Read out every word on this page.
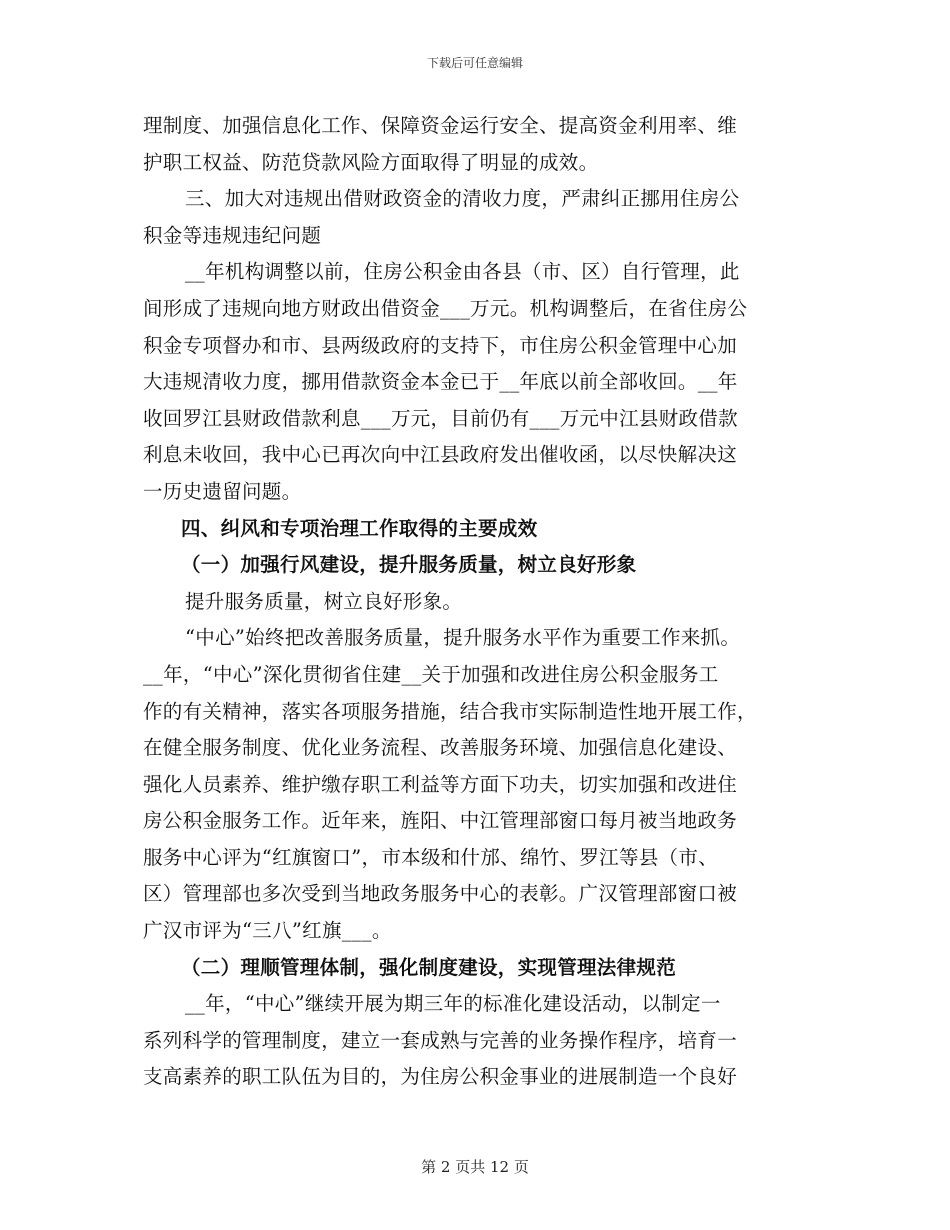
下载后可任意编辑
理制度、加强信息化工作、保障资金运行安全、提高资金利用率、维
护职工权益、防范贷款风险方面取得了明显的成效。
三、加大对违规出借财政资金的清收力度，严肃纠正挪用住房公
积金等违规违纪问题
__年机构调整以前，住房公积金由各县（市、区）自行管理，此
间形成了违规向地方财政出借资金___万元。机构调整后，在省住房公
积金专项督办和市、县两级政府的支持下，市住房公积金管理中心加
大违规清收力度，挪用借款资金本金已于__年底以前全部收回。__年
收回罗江县财政借款利息___万元，目前仍有___万元中江县财政借款
利息未收回，我中心已再次向中江县政府发出催收函，以尽快解决这
一历史遗留问题。
四、纠风和专项治理工作取得的主要成效
（一）加强行风建设，提升服务质量，树立良好形象
提升服务质量，树立良好形象。
“中心”始终把改善服务质量，提升服务水平作为重要工作来抓。
__年，“中心”深化贯彻省住建__关于加强和改进住房公积金服务工
作的有关精神，落实各项服务措施，结合我市实际制造性地开展工作，
在健全服务制度、优化业务流程、改善服务环境、加强信息化建设、
强化人员素养、维护缴存职工利益等方面下功夫，切实加强和改进住
房公积金服务工作。近年来，旌阳、中江管理部窗口每月被当地政务
服务中心评为“红旗窗口”，市本级和什邡、绵竹、罗江等县（市、
区）管理部也多次受到当地政务服务中心的表彰。广汉管理部窗口被
广汉市评为“三八”红旗___。
（二）理顺管理体制，强化制度建设，实现管理法律规范
__年，“中心”继续开展为期三年的标准化建设活动，以制定一
系列科学的管理制度，建立一套成熟与完善的业务操作程序，培育一
支高素养的职工队伍为目的，为住房公积金事业的进展制造一个良好
第 2 页共 12 页
